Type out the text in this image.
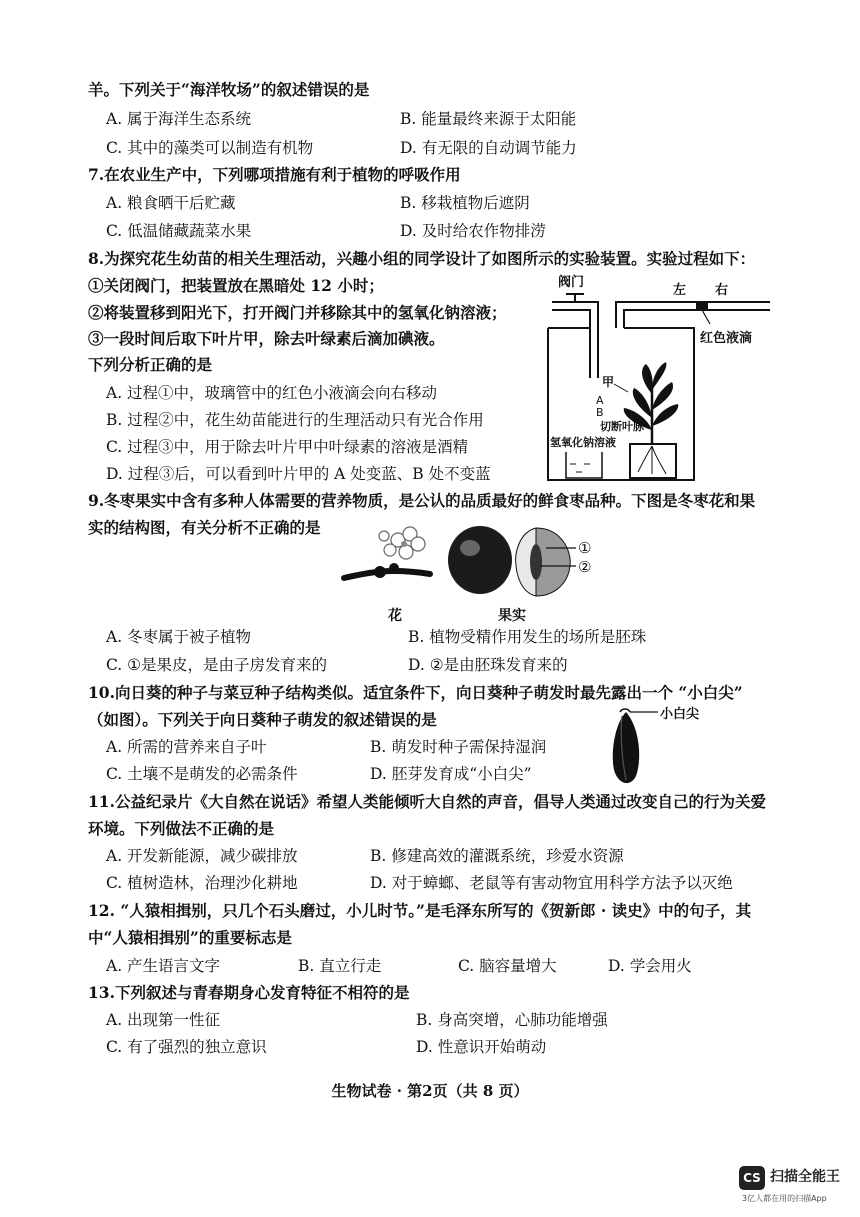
羊。下列关于“海洋牧场”的叙述错误的是
A. 属于海洋生态系统	B. 能量最终来源于太阳能
C. 其中的藻类可以制造有机物	D. 有无限的自动调节能力
7.在农业生产中，下列哪项措施有利于植物的呼吸作用
A. 粮食晒干后贮藏	B. 移栽植物后遮阴
C. 低温储藏蔬菜水果	D. 及时给农作物排涝
8.为探究花生幼苗的相关生理活动，兴趣小组的同学设计了如图所示的实验装置。实验过程如下：
①关闭阀门，把装置放在黑暗处 12 小时；
②将装置移到阳光下，打开阀门并移除其中的氢氧化钠溶液；
③一段时间后取下叶片甲，除去叶绿素后滴加碘液。
下列分析正确的是
A. 过程①中，玻璃管中的红色小液滴会向右移动
B. 过程②中，花生幼苗能进行的生理活动只有光合作用
C. 过程③中，用于除去叶片甲中叶绿素的溶液是酒精
D. 过程③后，可以看到叶片甲的 A 处变蓝、B 处不变蓝
阀门
左 右
红色液滴
甲
A
B
切断叶脉
氢氧化钠溶液
9.冬枣果实中含有多种人体需要的营养物质，是公认的品质最好的鲜食枣品种。下图是冬枣花和果
实的结构图，有关分析不正确的是
①
②
花	果实
A. 冬枣属于被子植物	B. 植物受精作用发生的场所是胚珠
C. ①是果皮，是由子房发育来的	D. ②是由胚珠发育来的
10.向日葵的种子与菜豆种子结构类似。适宜条件下，向日葵种子萌发时最先露出一个 “小白尖”
（如图）。下列关于向日葵种子萌发的叙述错误的是
A. 所需的营养来自子叶	B. 萌发时种子需保持湿润
C. 土壤不是萌发的必需条件	D. 胚芽发育成“小白尖”
小白尖
11.公益纪录片《大自然在说话》希望人类能倾听大自然的声音，倡导人类通过改变自己的行为关爱
环境。下列做法不正确的是
A. 开发新能源，减少碳排放	B. 修建高效的灌溉系统，珍爱水资源
C. 植树造林，治理沙化耕地	D. 对于蟑螂、老鼠等有害动物宜用科学方法予以灭绝
12. “人猿相揖别，只几个石头磨过，小儿时节。”是毛泽东所写的《贺新郎 · 读史》中的句子，其
中“人猿相揖别”的重要标志是
A. 产生语言文字	B. 直立行走	C. 脑容量增大	D. 学会用火
13.下列叙述与青春期身心发育特征不相符的是
A. 出现第一性征	B. 身高突增，心肺功能增强
C. 有了强烈的独立意识	D. 性意识开始萌动
生物试卷 · 第2页（共 8 页）
CS 扫描全能王
3亿人都在用的扫描App
